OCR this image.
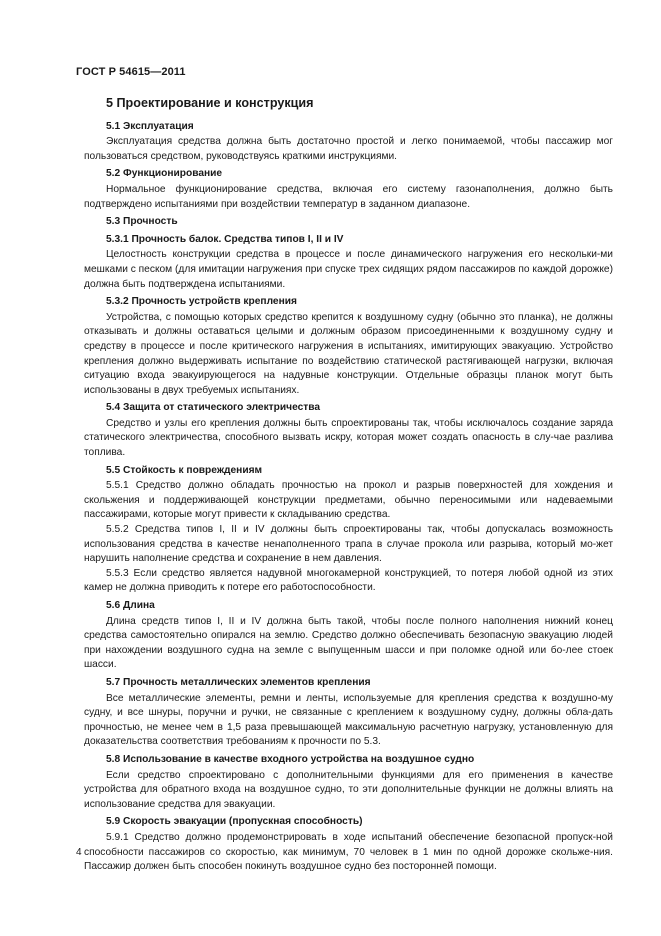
ГОСТ Р 54615—2011
5 Проектирование и конструкция
5.1 Эксплуатация
Эксплуатация средства должна быть достаточно простой и легко понимаемой, чтобы пассажир мог пользоваться средством, руководствуясь краткими инструкциями.
5.2 Функционирование
Нормальное функционирование средства, включая его систему газонаполнения, должно быть подтверждено испытаниями при воздействии температур в заданном диапазоне.
5.3 Прочность
5.3.1 Прочность балок. Средства типов I, II и IV
Целостность конструкции средства в процессе и после динамического нагружения его нескольки-ми мешками с песком (для имитации нагружения при спуске трех сидящих рядом пассажиров по каждой дорожке) должна быть подтверждена испытаниями.
5.3.2 Прочность устройств крепления
Устройства, с помощью которых средство крепится к воздушному судну (обычно это планка), не должны отказывать и должны оставаться целыми и должным образом присоединенными к воздушному судну и средству в процессе и после критического нагружения в испытаниях, имитирующих эвакуацию. Устройство крепления должно выдерживать испытание по воздействию статической растягивающей нагрузки, включая ситуацию входа эвакуирующегося на надувные конструкции. Отдельные образцы планок могут быть использованы в двух требуемых испытаниях.
5.4 Защита от статического электричества
Средство и узлы его крепления должны быть спроектированы так, чтобы исключалось создание заряда статического электричества, способного вызвать искру, которая может создать опасность в слу-чае разлива топлива.
5.5 Стойкость к повреждениям
5.5.1 Средство должно обладать прочностью на прокол и разрыв поверхностей для хождения и скольжения и поддерживающей конструкции предметами, обычно переносимыми или надеваемыми пассажирами, которые могут привести к складыванию средства.
5.5.2 Средства типов I, II и IV должны быть спроектированы так, чтобы допускалась возможность использования средства в качестве ненаполненного трапа в случае прокола или разрыва, который мо-жет нарушить наполнение средства и сохранение в нем давления.
5.5.3 Если средство является надувной многокамерной конструкцией, то потеря любой одной из этих камер не должна приводить к потере его работоспособности.
5.6 Длина
Длина средств типов I, II и IV должна быть такой, чтобы после полного наполнения нижний конец средства самостоятельно опирался на землю. Средство должно обеспечивать безопасную эвакуацию людей при нахождении воздушного судна на земле с выпущенным шасси и при поломке одной или бо-лее стоек шасси.
5.7 Прочность металлических элементов крепления
Все металлические элементы, ремни и ленты, используемые для крепления средства к воздушно-му судну, и все шнуры, поручни и ручки, не связанные с креплением к воздушному судну, должны обла-дать прочностью, не менее чем в 1,5 раза превышающей максимальную расчетную нагрузку, установленную для доказательства соответствия требованиям к прочности по 5.3.
5.8 Использование в качестве входного устройства на воздушное судно
Если средство спроектировано с дополнительными функциями для его применения в качестве устройства для обратного входа на воздушное судно, то эти дополнительные функции не должны влиять на использование средства для эвакуации.
5.9 Скорость эвакуации (пропускная способность)
5.9.1 Средство должно продемонстрировать в ходе испытаний обеспечение безопасной пропуск-ной способности пассажиров со скоростью, как минимум, 70 человек в 1 мин по одной дорожке скольже-ния. Пассажир должен быть способен покинуть воздушное судно без посторонней помощи.
4
